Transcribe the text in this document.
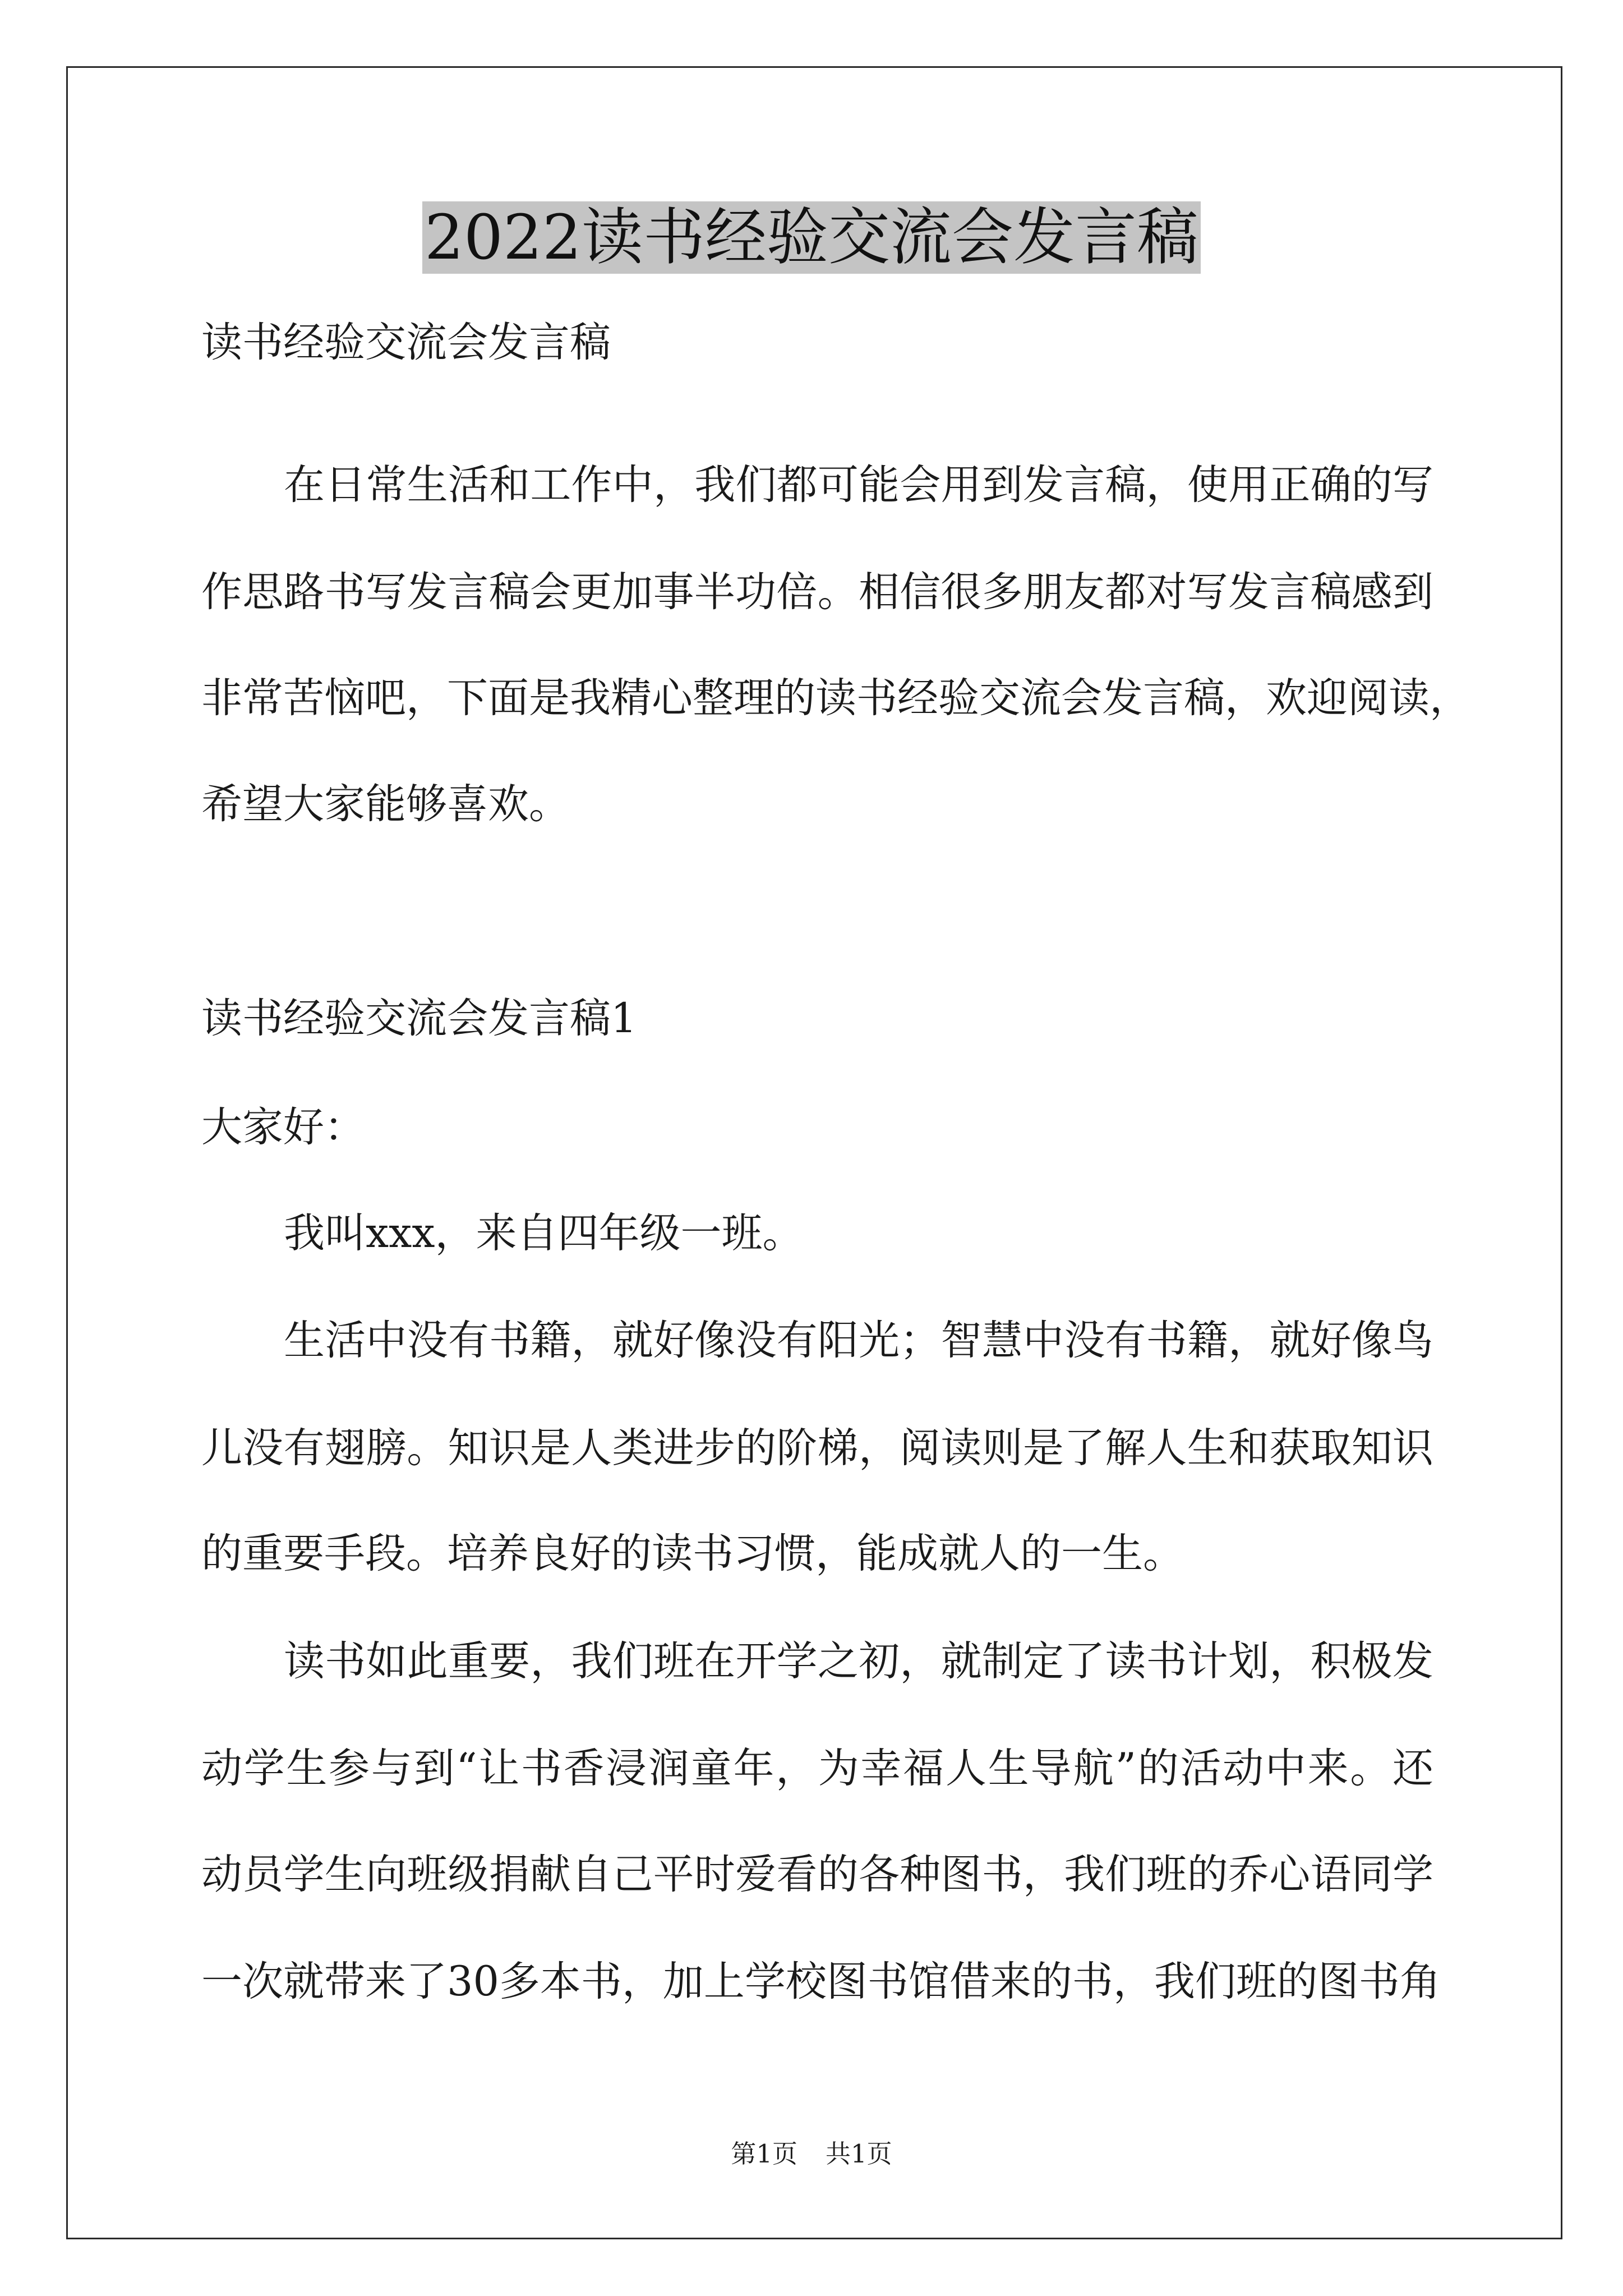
2022读书经验交流会发言稿
读书经验交流会发言稿
在日常生活和工作中，我们都可能会用到发言稿，使用正确的写
作思路书写发言稿会更加事半功倍。相信很多朋友都对写发言稿感到
非常苦恼吧，下面是我精心整理的读书经验交流会发言稿，欢迎阅读，
希望大家能够喜欢。
读书经验交流会发言稿1
大家好：
我叫xxx，来自四年级一班。
生活中没有书籍，就好像没有阳光；智慧中没有书籍，就好像鸟
儿没有翅膀。知识是人类进步的阶梯，阅读则是了解人生和获取知识
的重要手段。培养良好的读书习惯，能成就人的一生。
读书如此重要，我们班在开学之初，就制定了读书计划，积极发
动学生参与到“让书香浸润童年，为幸福人生导航”的活动中来。还
动员学生向班级捐献自己平时爱看的各种图书，我们班的乔心语同学
一次就带来了30多本书，加上学校图书馆借来的书，我们班的图书角
第1页 共1页
